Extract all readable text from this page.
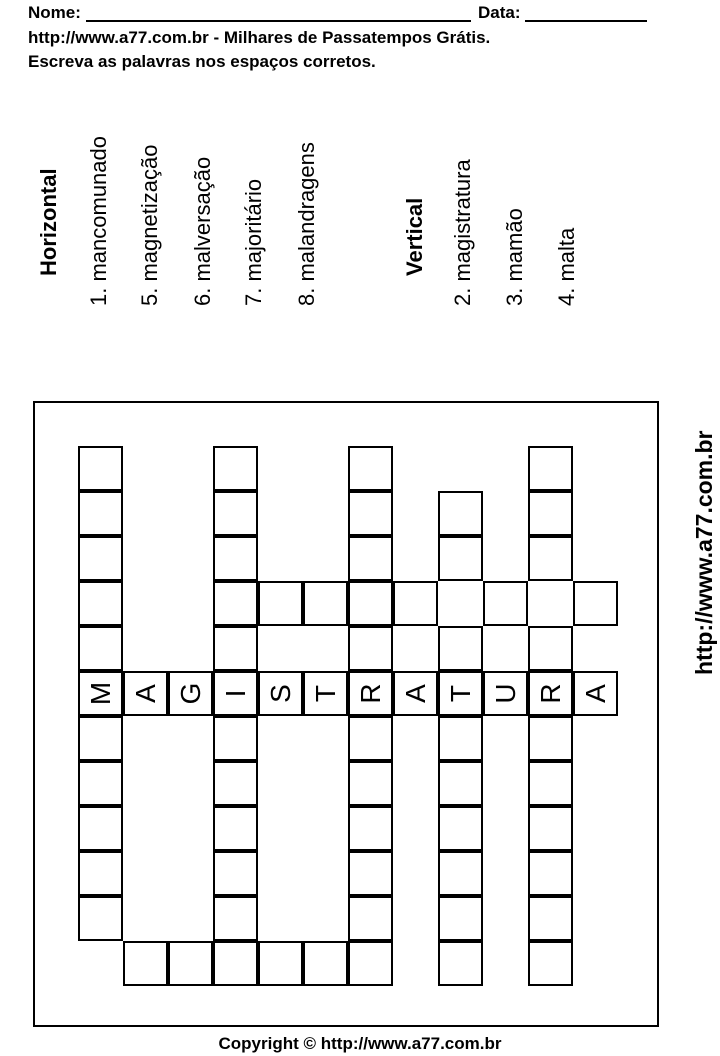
Nome:	Data:
http://www.a77.com.br - Milhares de Passatempos Grátis.
Escreva as palavras nos espaços corretos.
Horizontal 1. mancomunado 5. magnetização 6. malversação 7. majoritário 8. malandragens	Vertical 2. magistratura 3. mamão 4. malta
http://www.a77.com.br
M A G I S T R A T U R A
Copyright © http://www.a77.com.br
